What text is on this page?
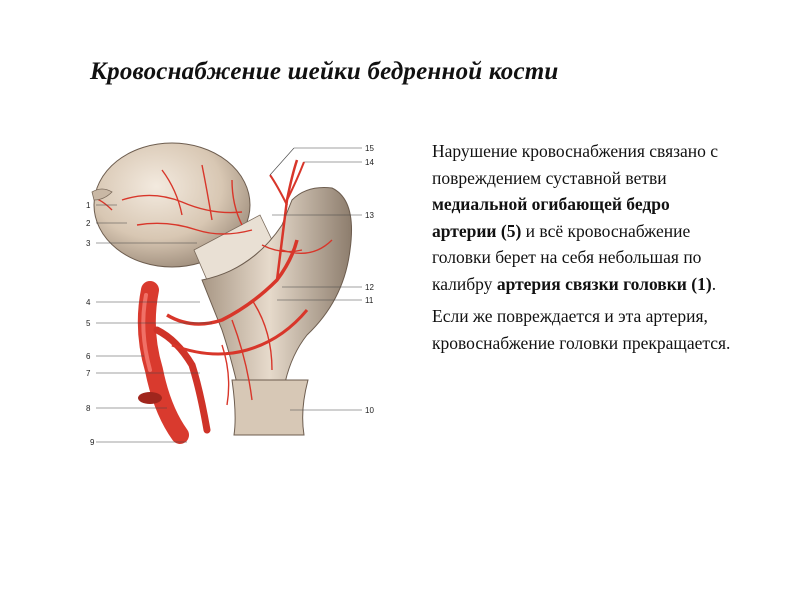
Кровоснабжение шейки бедренной кости
1
2
3
4
5
6
7
8
9
15
14
13
12
11
10

Нарушение кровоснабжения связано с повреждением суставной ветви медиальной огибающей бедро артерии (5) и всё кровоснабжение головки берет на себя небольшая по калибру артерия связки головки (1).

Если же повреждается и эта артерия, кровоснабжение головки прекращается.
